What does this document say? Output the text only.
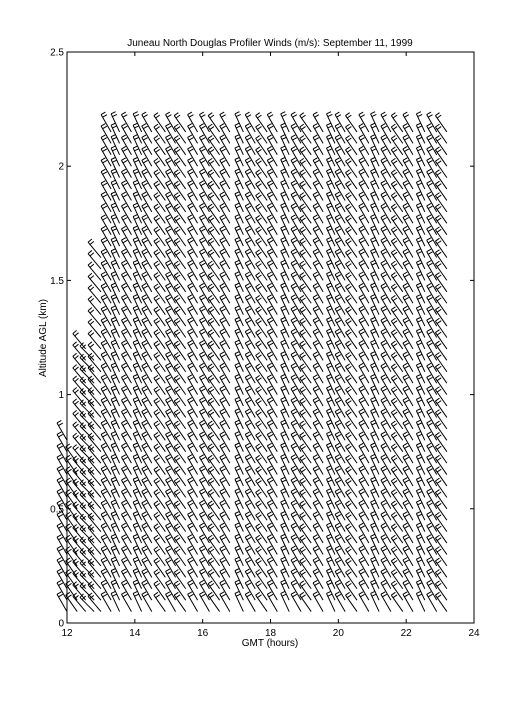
Juneau North Douglas Profiler Winds (m/s): September 11, 1999
12	14	16	18	20	22	24
0
0.5
1
1.5
2
2.5
GMT (hours)
Altitude AGL (km)
